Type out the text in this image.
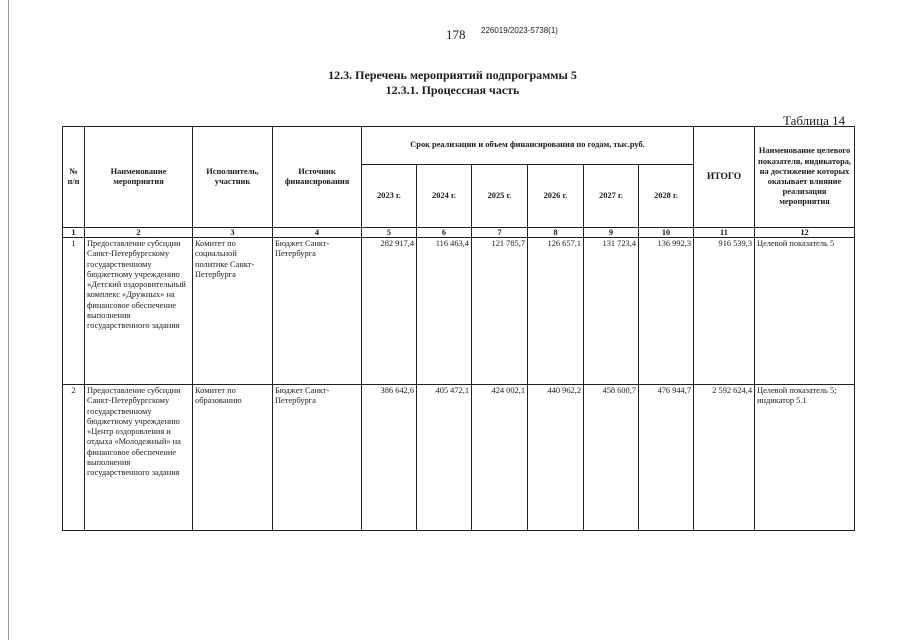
178 226019/2023-5738(1)
12.3. Перечень мероприятий подпрограммы 5
12.3.1. Процессная часть
Таблица 14
№ п/п	Наименование мероприятия	Исполнитель, участник	Источник финансирования	Срок реализации и объем финансирования по годам, тыс.руб.						ИТОГО	Наименование целевого показателя, индикатора, на достижение которых оказывает влияние реализация мероприятия
				2023 г.	2024 г.	2025 г.	2026 г.	2027 г.	2028 г.		
1	2	3	4	5	6	7	8	9	10	11	12
1	Предоставление субсидии Санкт-Петербургскому государственному бюджетному учреждению «Детский оздоровительный комплекс «Дружных» на финансовое обеспечение выполнения государственного задания	Комитет по социальной политике Санкт-Петербурга	Бюджет Санкт-Петербурга	282 917,4	116 463,4	121 785,7	126 657,1	131 723,4	136 992,3	916 539,3	Целевой показатель 5
2	Предоставление субсидии Санкт-Петербургскому государственному бюджетному учреждению «Центр оздоровления и отдыха «Молодежный» на финансовое обеспечение выполнения государственного задания	Комитет по образованию	Бюджет Санкт-Петербурга	386 642,6	405 472,1	424 002,1	440 962,2	458 600,7	476 944,7	2 592 624,4	Целевой показатель 5; индикатор 5.1
